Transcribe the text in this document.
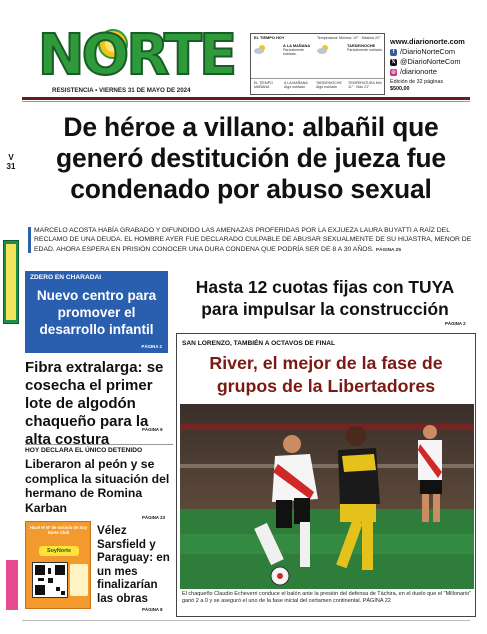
NORTE
RESISTENCIA • VIERNES 31 DE MAYO DE 2024
EL TIEMPO HOY	Temperatura: Mínima: 10° · Máxima 22°
A LA MAÑANA
Parcialmente nublado.
TARDE/NOCHE
Parcialmente nublado.
EL TIEMPO MAÑANA
A LA MAÑANA Algo nublado
TARDE/NOCHE Algo nublado
TEMPERATURA Mín 11° · Máx 21°
www.diarionorte.com
f /DiarioNorteCom
𝕏 @DiarioNorteCom
◎ /diarionorte
Edición de 32 páginas
$500,00
V 31
De héroe a villano: albañil que generó destitución de jueza fue condenado por abuso sexual
MARCELO ACOSTA HABÍA GRABADO Y DIFUNDIDO LAS AMENAZAS PROFERIDAS POR LA EXJUEZA LAURA BUYATTI A RAÍZ DEL RECLAMO DE UNA DEUDA. EL HOMBRE AYER FUE DECLARADO CULPABLE DE ABUSAR SEXUALMENTE DE SU HIJASTRA, MENOR DE EDAD. AHORA ESPERA EN PRISIÓN CONOCER UNA DURA CONDENA QUE PODRÍA SER DE 8 A 30 AÑOS. PÁGINA 25
ZDERO EN CHARADAI
Nuevo centro para promover el desarrollo infantil
PÁGINA 2
Fibra extralarga: se cosecha el primer lote de algodón chaqueño para la alta costura
PÁGINA 9
HOY DECLARA EL ÚNICO DETENIDO
Liberaron al peón y se complica la situación del hermano de Romina Karban
PÁGINA 23
Hacé el Nº de socio/a de Soy Norte Club
SoyNorte
Vélez Sarsfield y Paraguay: en un mes finalizarían las obras
PÁGINA 8
Hasta 12 cuotas fijas con TUYA para impulsar la construcción
PÁGINA 2
SAN LORENZO, TAMBIÉN A OCTAVOS DE FINAL
River, el mejor de la fase de grupos de la Libertadores
El chaqueño Claudio Echeverri conduce el balón ante la presión del defensa de Táchira, en el duelo que el "Millonario" ganó 2 a 0 y se aseguró el uno de la fase inicial del certamen continental. PÁGINA 22
